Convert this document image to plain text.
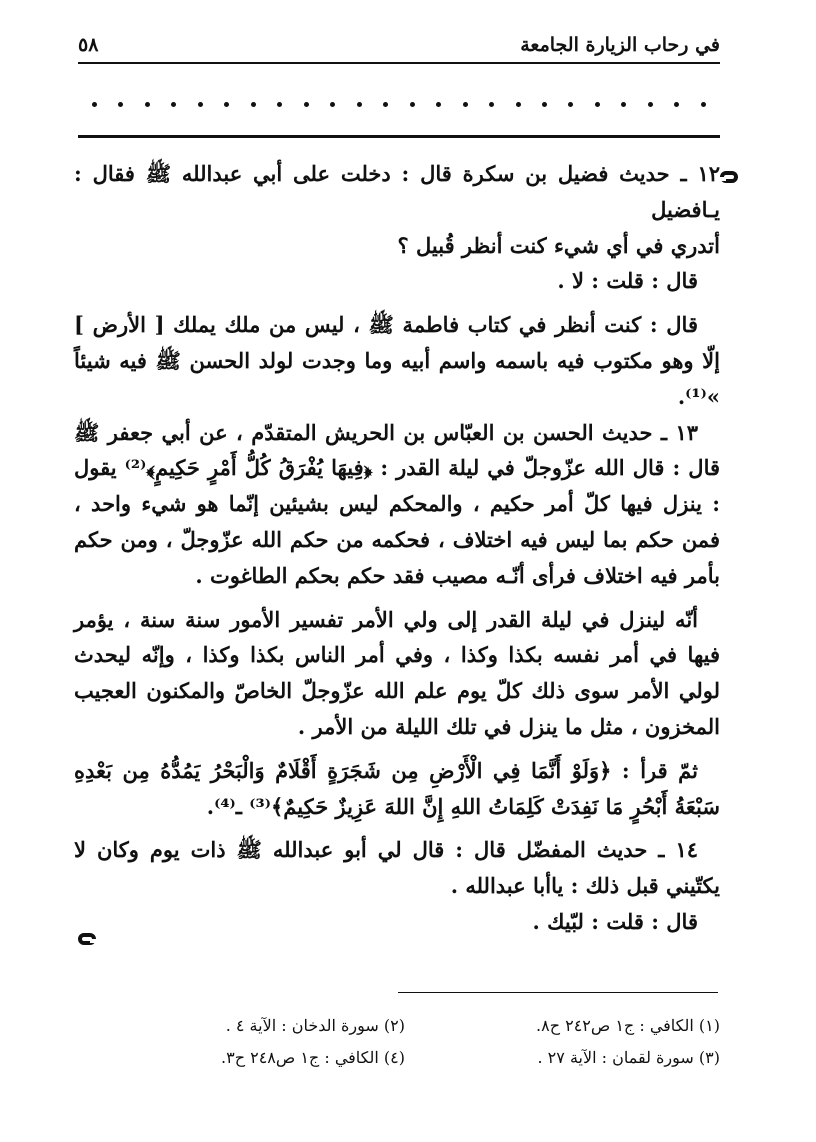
في رحاب الزيارة الجامعة
٥٨

١٢ ـ حديث فضيل بن سكرة قال : دخلت على أبي عبدالله ﷺ فقال : يـافضيل

أتدري في أي شيء كنت أنظر قُبيل ؟

قال : قلت : لا .

قال : كنت أنظر في كتاب فاطمة ﷺ ، ليس من ملك يملك [ الأرض ] إلّا وهو مكتوب فيه باسمه واسم أبيه وما وجدت لولد الحسن ﷺ فيه شيئاً »⁽¹⁾.

١٣ ـ حديث الحسن بن العبّاس بن الحريش المتقدّم ، عن أبي جعفر ﷺ قال : قال الله عزّوجلّ في ليلة القدر : ﴿فِيهَا يُفْرَقُ كُلُّ أَمْرٍ حَكِيمٍ﴾⁽²⁾ يقول : ينزل فيها كلّ أمر حكيم ، والمحكم ليس بشيئين إنّما هو شيء واحد ، فمن حكم بما ليس فيه اختلاف ، فحكمه من حكم الله عزّوجلّ ، ومن حكم بأمر فيه اختلاف فرأى أنّـه مصيب فقد حكم بحكم الطاغوت .

أنّه لينزل في ليلة القدر إلى ولي الأمر تفسير الأمور سنة سنة ، يؤمر فيها في أمر نفسه بكذا وكذا ، وفي أمر الناس بكذا وكذا ، وإنّه ليحدث لولي الأمر سوى ذلك كلّ يوم علم الله عزّوجلّ الخاصّ والمكنون العجيب المخزون ، مثل ما ينزل في تلك الليلة من الأمر .

ثمّ قرأ : ﴿وَلَوْ أَنَّمَا فِي الْأَرْضِ مِن شَجَرَةٍ أَقْلَامٌ وَالْبَحْرُ يَمُدُّهُ مِن بَعْدِهِ سَبْعَةُ أَبْحُرٍ مَا نَفِدَتْ كَلِمَاتُ اللهِ إِنَّ اللهَ عَزِيزٌ حَكِيمٌ﴾⁽³⁾ ـ⁽⁴⁾.

١٤ ـ حديث المفضّل قال : قال لي أبو عبدالله ﷺ ذات يوم وكان لا يكتّيني قبل ذلك : ياأبا عبدالله .

قال : قلت : لبّيك .

(١) الكافي : ج١ ص٢٤٢ ح٨.
(٢) سورة الدخان : الآية ٤ .
(٣) سورة لقمان : الآية ٢٧ .
(٤) الكافي : ج١ ص٢٤٨ ح٣.
